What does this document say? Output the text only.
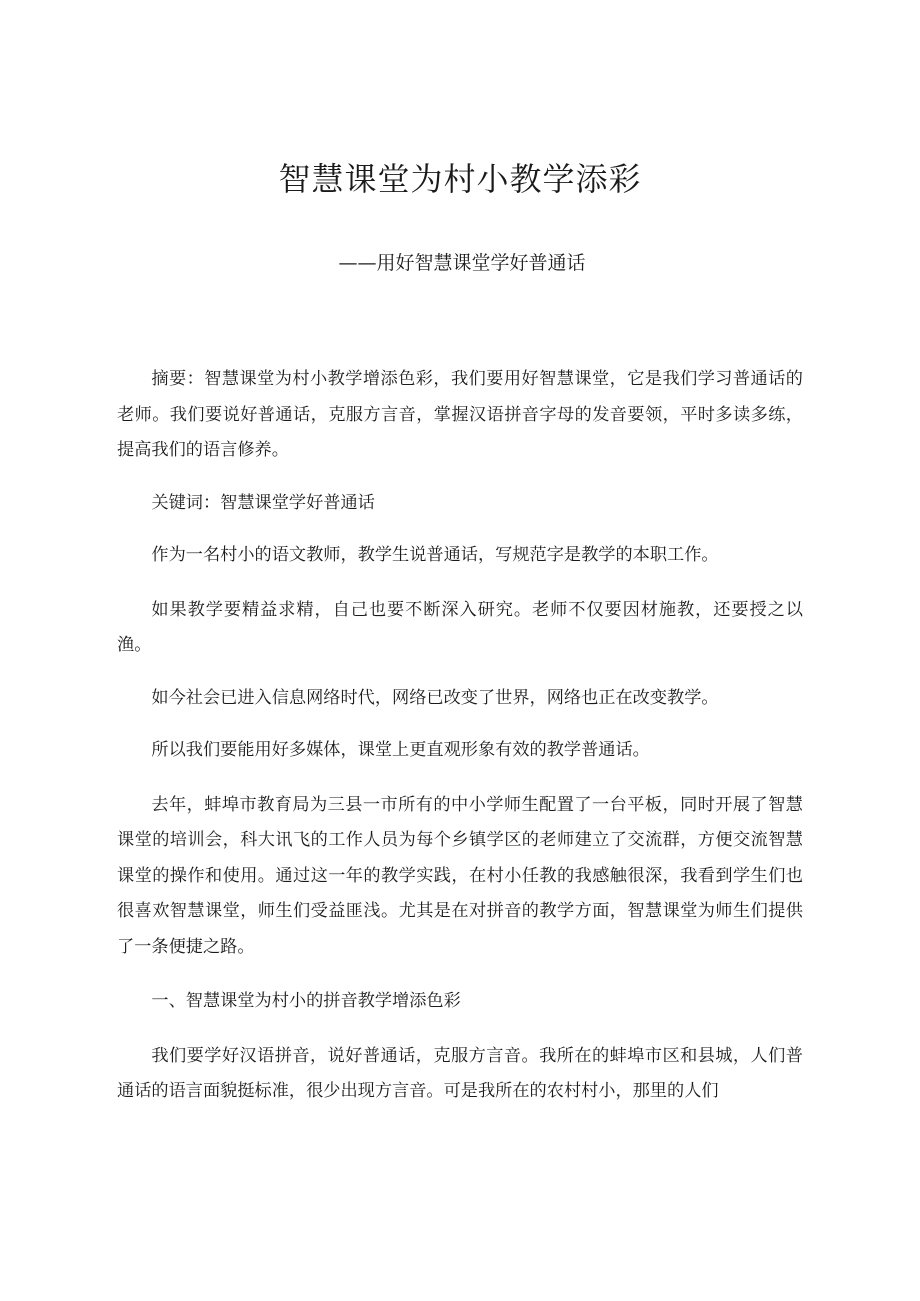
智慧课堂为村小教学添彩
——用好智慧课堂学好普通话

摘要：智慧课堂为村小教学增添色彩，我们要用好智慧课堂，它是我们学习普通话的老师。我们要说好普通话，克服方言音，掌握汉语拼音字母的发音要领，平时多读多练，提高我们的语言修养。

关键词：智慧课堂学好普通话

作为一名村小的语文教师，教学生说普通话，写规范字是教学的本职工作。

如果教学要精益求精，自己也要不断深入研究。老师不仅要因材施教，还要授之以渔。

如今社会已进入信息网络时代，网络已改变了世界，网络也正在改变教学。

所以我们要能用好多媒体，课堂上更直观形象有效的教学普通话。

去年，蚌埠市教育局为三县一市所有的中小学师生配置了一台平板，同时开展了智慧课堂的培训会，科大讯飞的工作人员为每个乡镇学区的老师建立了交流群，方便交流智慧课堂的操作和使用。通过这一年的教学实践，在村小任教的我感触很深，我看到学生们也很喜欢智慧课堂，师生们受益匪浅。尤其是在对拼音的教学方面，智慧课堂为师生们提供了一条便捷之路。

一、智慧课堂为村小的拼音教学增添色彩

我们要学好汉语拼音，说好普通话，克服方言音。我所在的蚌埠市区和县城，人们普通话的语言面貌挺标准，很少出现方言音。可是我所在的农村村小，那里的人们
